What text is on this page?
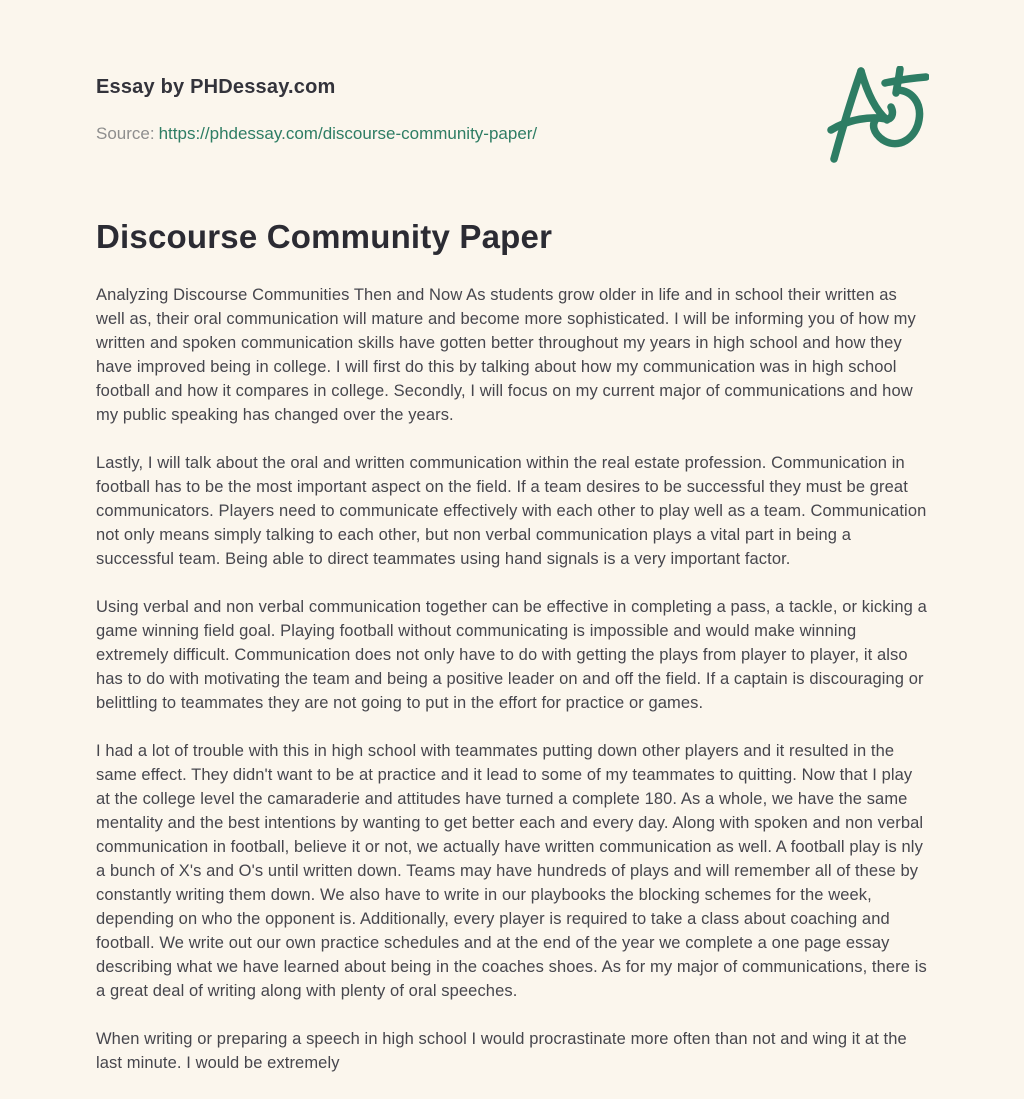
Essay by PHDessay.com
Source: https://phdessay.com/discourse-community-paper/
Discourse Community Paper

Analyzing Discourse Communities Then and Now As students grow older in life and in school their written as well as, their oral communication will mature and become more sophisticated. I will be informing you of how my written and spoken communication skills have gotten better throughout my years in high school and how they have improved being in college. I will first do this by talking about how my communication was in high school football and how it compares in college. Secondly, I will focus on my current major of communications and how my public speaking has changed over the years.

Lastly, I will talk about the oral and written communication within the real estate profession. Communication in football has to be the most important aspect on the field. If a team desires to be successful they must be great communicators. Players need to communicate effectively with each other to play well as a team. Communication not only means simply talking to each other, but non verbal communication plays a vital part in being a successful team. Being able to direct teammates using hand signals is a very important factor.

Using verbal and non verbal communication together can be effective in completing a pass, a tackle, or kicking a game winning field goal. Playing football without communicating is impossible and would make winning extremely difficult. Communication does not only have to do with getting the plays from player to player, it also has to do with motivating the team and being a positive leader on and off the field. If a captain is discouraging or belittling to teammates they are not going to put in the effort for practice or games.

I had a lot of trouble with this in high school with teammates putting down other players and it resulted in the same effect. They didn't want to be at practice and it lead to some of my teammates to quitting. Now that I play at the college level the camaraderie and attitudes have turned a complete 180. As a whole, we have the same mentality and the best intentions by wanting to get better each and every day. Along with spoken and non verbal communication in football, believe it or not, we actually have written communication as well. A football play is nly a bunch of X's and O's until written down. Teams may have hundreds of plays and will remember all of these by constantly writing them down. We also have to write in our playbooks the blocking schemes for the week, depending on who the opponent is. Additionally, every player is required to take a class about coaching and football. We write out our own practice schedules and at the end of the year we complete a one page essay describing what we have learned about being in the coaches shoes. As for my major of communications, there is a great deal of writing along with plenty of oral speeches.

When writing or preparing a speech in high school I would procrastinate more often than not and wing it at the last minute. I would be extremely
